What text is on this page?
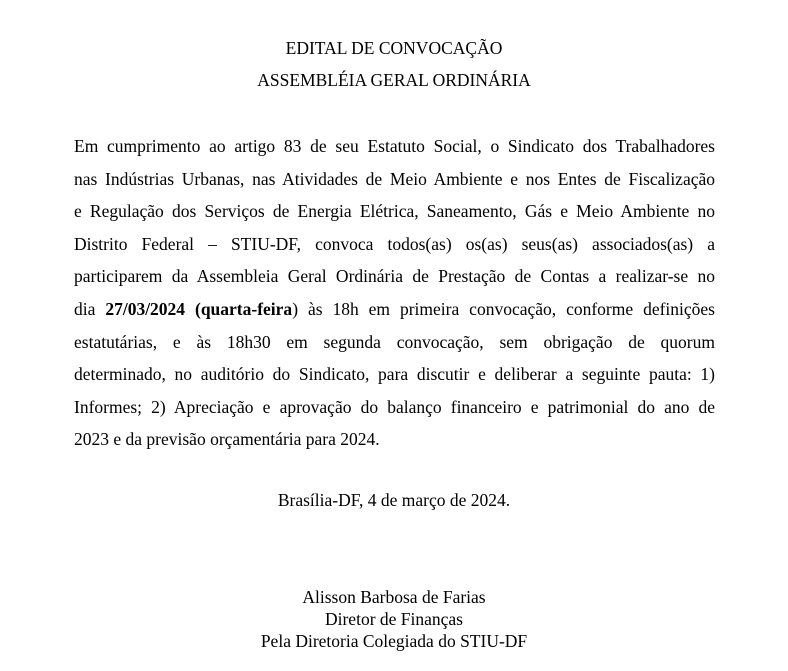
EDITAL DE CONVOCAÇÃO
ASSEMBLÉIA GERAL ORDINÁRIA
Em cumprimento ao artigo 83 de seu Estatuto Social, o Sindicato dos Trabalhadores
nas Indústrias Urbanas, nas Atividades de Meio Ambiente e nos Entes de Fiscalização
e Regulação dos Serviços de Energia Elétrica, Saneamento, Gás e Meio Ambiente no
Distrito Federal – STIU-DF, convoca todos(as) os(as) seus(as) associados(as) a
participarem da Assembleia Geral Ordinária de Prestação de Contas a realizar-se no
dia 27/03/2024 (quarta-feira) às 18h em primeira convocação, conforme definições
estatutárias, e às 18h30 em segunda convocação, sem obrigação de quorum
determinado, no auditório do Sindicato, para discutir e deliberar a seguinte pauta: 1)
Informes; 2) Apreciação e aprovação do balanço financeiro e patrimonial do ano de
2023 e da previsão orçamentária para 2024.
Brasília-DF, 4 de março de 2024.
Alisson Barbosa de Farias
Diretor de Finanças
Pela Diretoria Colegiada do STIU-DF
